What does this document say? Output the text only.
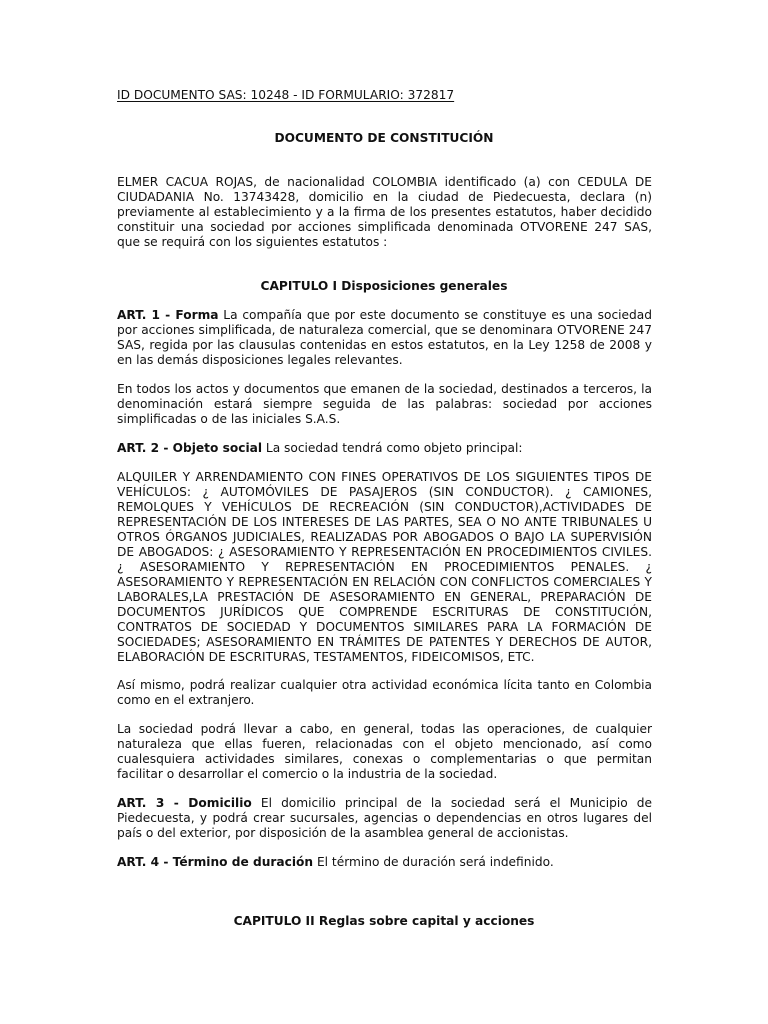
ID DOCUMENTO SAS: 10248 - ID FORMULARIO: 372817
DOCUMENTO DE CONSTITUCIÓN

ELMER CACUA ROJAS, de nacionalidad COLOMBIA identificado (a) con CEDULA DE CIUDADANIA No. 13743428, domicilio en la ciudad de Piedecuesta, declara (n) previamente al establecimiento y a la firma de los presentes estatutos, haber decidido constituir una sociedad por acciones simplificada denominada OTVORENE 247 SAS, que se requirá con los siguientes estatutos :

CAPITULO I Disposiciones generales

ART. 1 - Forma La compañía que por este documento se constituye es una sociedad por acciones simplificada, de naturaleza comercial, que se denominara OTVORENE 247 SAS, regida por las clausulas contenidas en estos estatutos, en la Ley 1258 de 2008 y en las demás disposiciones legales relevantes.

En todos los actos y documentos que emanen de la sociedad, destinados a terceros, la denominación estará siempre seguida de las palabras: sociedad por acciones simplificadas o de las iniciales S.A.S.

ART. 2 - Objeto social La sociedad tendrá como objeto principal:

ALQUILER Y ARRENDAMIENTO CON FINES OPERATIVOS DE LOS SIGUIENTES TIPOS DE VEHÍCULOS: ¿ AUTOMÓVILES DE PASAJEROS (SIN CONDUCTOR). ¿ CAMIONES, REMOLQUES Y VEHÍCULOS DE RECREACIÓN (SIN CONDUCTOR),ACTIVIDADES DE REPRESENTACIÓN DE LOS INTERESES DE LAS PARTES, SEA O NO ANTE TRIBUNALES U OTROS ÓRGANOS JUDICIALES, REALIZADAS POR ABOGADOS O BAJO LA SUPERVISIÓN DE ABOGADOS: ¿ ASESORAMIENTO Y REPRESENTACIÓN EN PROCEDIMIENTOS CIVILES. ¿ ASESORAMIENTO Y REPRESENTACIÓN EN PROCEDIMIENTOS PENALES. ¿ ASESORAMIENTO Y REPRESENTACIÓN EN RELACIÓN CON CONFLICTOS COMERCIALES Y LABORALES,LA PRESTACIÓN DE ASESORAMIENTO EN GENERAL, PREPARACIÓN DE DOCUMENTOS JURÍDICOS QUE COMPRENDE ESCRITURAS DE CONSTITUCIÓN, CONTRATOS DE SOCIEDAD Y DOCUMENTOS SIMILARES PARA LA FORMACIÓN DE SOCIEDADES; ASESORAMIENTO EN TRÁMITES DE PATENTES Y DERECHOS DE AUTOR, ELABORACIÓN DE ESCRITURAS, TESTAMENTOS, FIDEICOMISOS, ETC.

Así mismo, podrá realizar cualquier otra actividad económica lícita tanto en Colombia como en el extranjero.

La sociedad podrá llevar a cabo, en general, todas las operaciones, de cualquier naturaleza que ellas fueren, relacionadas con el objeto mencionado, así como cualesquiera actividades similares, conexas o complementarias o que permitan facilitar o desarrollar el comercio o la industria de la sociedad.

ART. 3 - Domicilio El domicilio principal de la sociedad será el Municipio de Piedecuesta, y podrá crear sucursales, agencias o dependencias en otros lugares del país o del exterior, por disposición de la asamblea general de accionistas.

ART. 4 - Término de duración El término de duración será indefinido.

CAPITULO II Reglas sobre capital y acciones
